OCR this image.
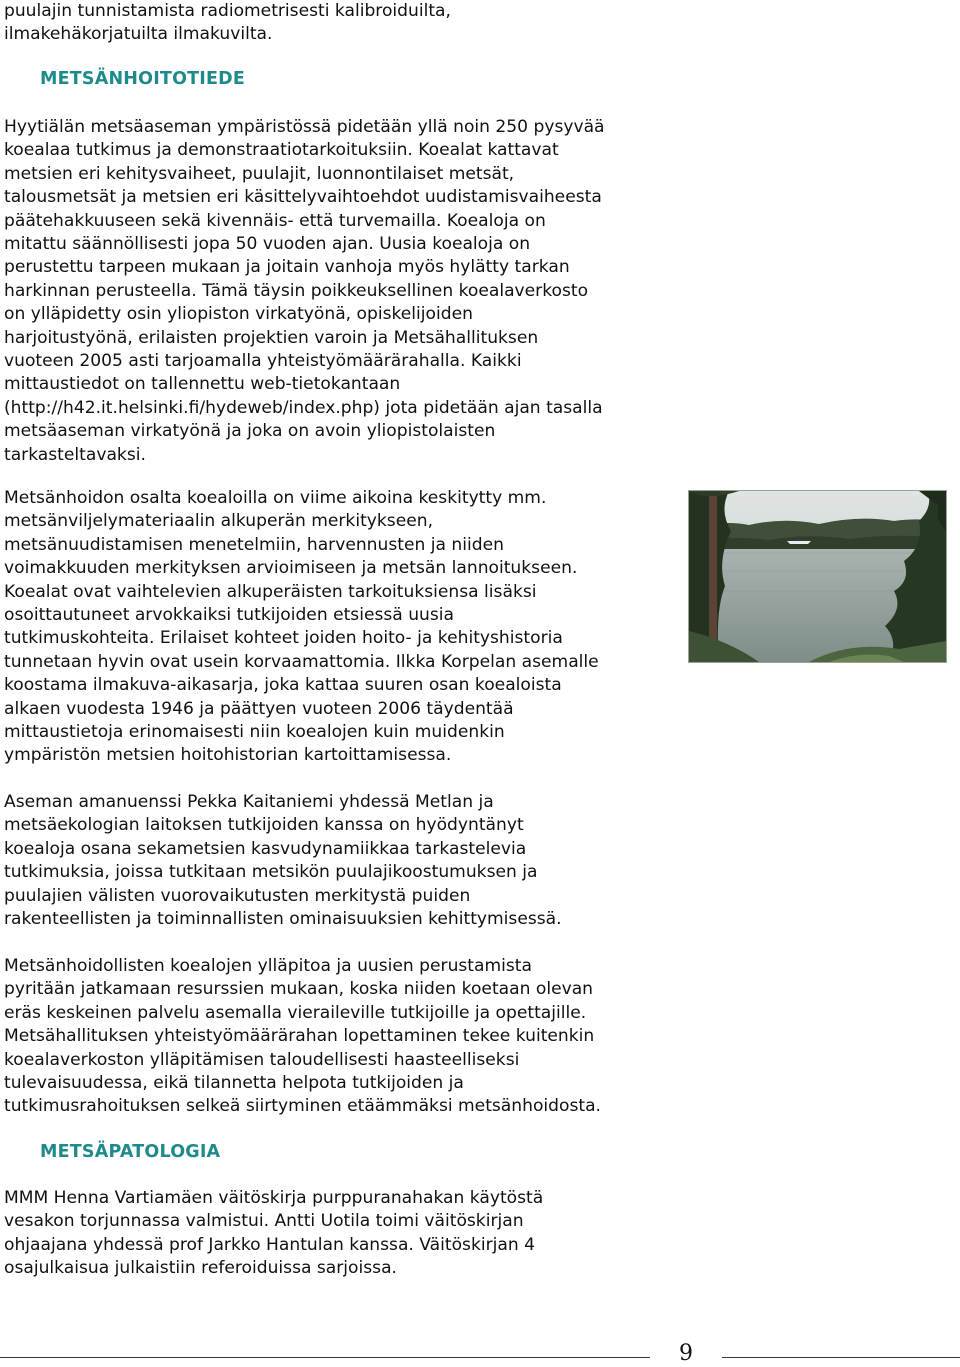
puulajin tunnistamista radiometrisesti kalibroiduilta,
ilmakehäkorjatuilta ilmakuvilta.

METSÄNHOITOTIEDE

Hyytiälän metsäaseman ympäristössä pidetään yllä noin 250 pysyvää
koealaa tutkimus ja demonstraatiotarkoituksiin. Koealat kattavat
metsien eri kehitysvaiheet, puulajit, luonnontilaiset metsät,
talousmetsät ja metsien eri käsittelyvaihtoehdot uudistamisvaiheesta
päätehakkuuseen sekä kivennäis- että turvemailla. Koealoja on
mitattu säännöllisesti jopa 50 vuoden ajan. Uusia koealoja on
perustettu tarpeen mukaan ja joitain vanhoja myös hylätty tarkan
harkinnan perusteella. Tämä täysin poikkeuksellinen koealaverkosto
on ylläpidetty osin yliopiston virkatyönä, opiskelijoiden
harjoitustyönä, erilaisten projektien varoin ja Metsähallituksen
vuoteen 2005 asti tarjoamalla yhteistyömäärärahalla. Kaikki
mittaustiedot on tallennettu web-tietokantaan
(http://h42.it.helsinki.fi/hydeweb/index.php) jota pidetään ajan tasalla
metsäaseman virkatyönä ja joka on avoin yliopistolaisten
tarkasteltavaksi.

Metsänhoidon osalta koealoilla on viime aikoina keskitytty mm.
metsänviljelymateriaalin alkuperän merkitykseen,
metsänuudistamisen menetelmiin, harvennusten ja niiden
voimakkuuden merkityksen arvioimiseen ja metsän lannoitukseen.
Koealat ovat vaihtelevien alkuperäisten tarkoituksiensa lisäksi
osoittautuneet arvokkaiksi tutkijoiden etsiessä uusia
tutkimuskohteita. Erilaiset kohteet joiden hoito- ja kehityshistoria
tunnetaan hyvin ovat usein korvaamattomia. Ilkka Korpelan asemalle
koostama ilmakuva-aikasarja, joka kattaa suuren osan koealoista
alkaen vuodesta 1946 ja päättyen vuoteen 2006 täydentää
mittaustietoja erinomaisesti niin koealojen kuin muidenkin
ympäristön metsien hoitohistorian kartoittamisessa.

Aseman amanuenssi Pekka Kaitaniemi yhdessä Metlan ja
metsäekologian laitoksen tutkijoiden kanssa on hyödyntänyt
koealoja osana sekametsien kasvudynamiikkaa tarkastelevia
tutkimuksia, joissa tutkitaan metsikön puulajikoostumuksen ja
puulajien välisten vuorovaikutusten merkitystä puiden
rakenteellisten ja toiminnallisten ominaisuuksien kehittymisessä.

Metsänhoidollisten koealojen ylläpitoa ja uusien perustamista
pyritään jatkamaan resurssien mukaan, koska niiden koetaan olevan
eräs keskeinen palvelu asemalla vieraileville tutkijoille ja opettajille.
Metsähallituksen yhteistyömäärärahan lopettaminen tekee kuitenkin
koealaverkoston ylläpitämisen taloudellisesti haasteelliseksi
tulevaisuudessa, eikä tilannetta helpota tutkijoiden ja
tutkimusrahoituksen selkeä siirtyminen etäämmäksi metsänhoidosta.

METSÄPATOLOGIA

MMM Henna Vartiamäen väitöskirja purppuranahakan käytöstä
vesakon torjunnassa valmistui. Antti Uotila toimi väitöskirjan
ohjaajana yhdessä prof Jarkko Hantulan kanssa. Väitöskirjan 4
osajulkaisua julkaistiin referoiduissa sarjoissa.

9
